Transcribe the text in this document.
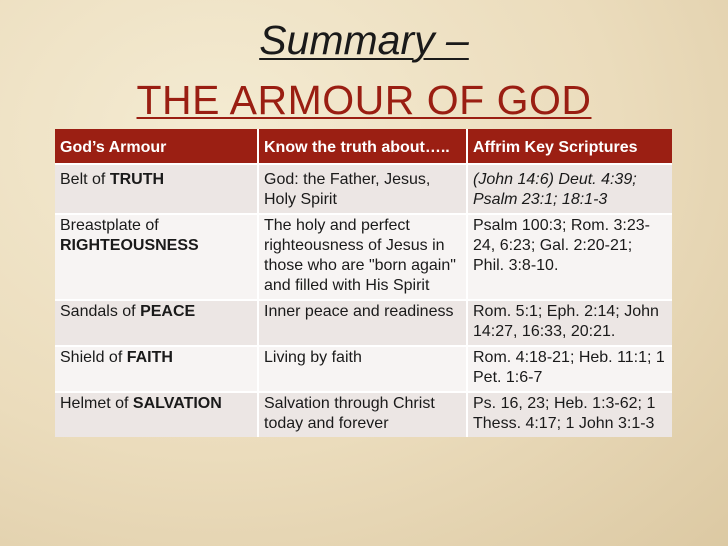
Summary –
THE ARMOUR OF GOD
God’s Armour	Know the truth about…..	Affrim Key Scriptures
Belt of TRUTH	God: the Father, Jesus, Holy Spirit	(John 14:6) Deut. 4:39; Psalm 23:1; 18:1-3
Breastplate of RIGHTEOUSNESS	The holy and perfect righteousness of Jesus in those who are "born again" and filled with His Spirit	Psalm 100:3; Rom. 3:23-24, 6:23; Gal. 2:20-21; Phil. 3:8-10.
Sandals of PEACE	Inner peace and readiness	Rom. 5:1; Eph. 2:14; John 14:27, 16:33, 20:21.
Shield of FAITH	Living by faith	Rom. 4:18-21; Heb. 11:1; 1 Pet. 1:6-7
Helmet of SALVATION	Salvation through Christ today and forever	Ps. 16, 23; Heb. 1:3-62; 1 Thess. 4:17; 1 John 3:1-3
